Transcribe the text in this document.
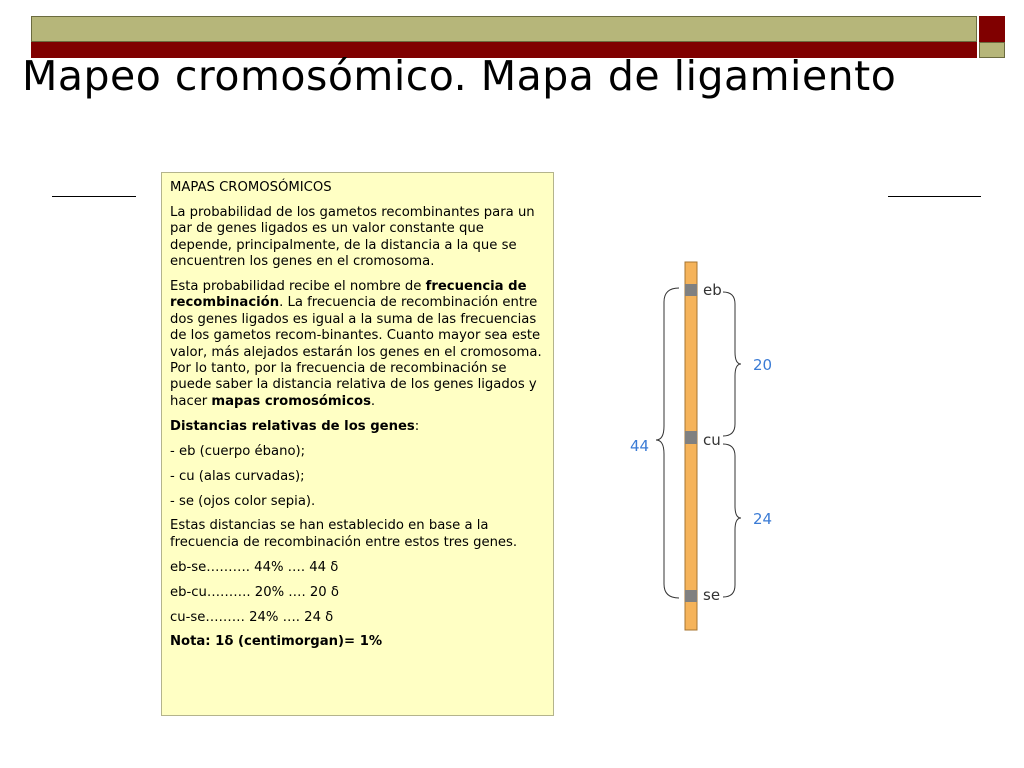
Mapeo cromosómico. Mapa de ligamiento
MAPAS CROMOSÓMICOS
La probabilidad de los gametos recombinantes para un par de genes ligados es un valor constante que depende, principalmente, de la distancia a la que se encuentren los genes en el cromosoma.
Esta probabilidad recibe el nombre de frecuencia de recombinación. La frecuencia de recombinación entre dos genes ligados es igual a la suma de las frecuencias de los gametos recom-binantes. Cuanto mayor sea este valor, más alejados estarán los genes en el cromosoma. Por lo tanto, por la frecuencia de recombinación se puede saber la distancia relativa de los genes ligados y hacer mapas cromosómicos.
Distancias relativas de los genes:
- eb (cuerpo ébano);
- cu (alas curvadas);
- se (ojos color sepia).
Estas distancias se han establecido en base a la frecuencia de recombinación entre estos tres genes.
eb-se………. 44% …. 44 δ
eb-cu………. 20% …. 20 δ
cu-se……… 24% …. 24 δ
Nota: 1δ (centimorgan)= 1%
eb
cu
se
20
24
44
